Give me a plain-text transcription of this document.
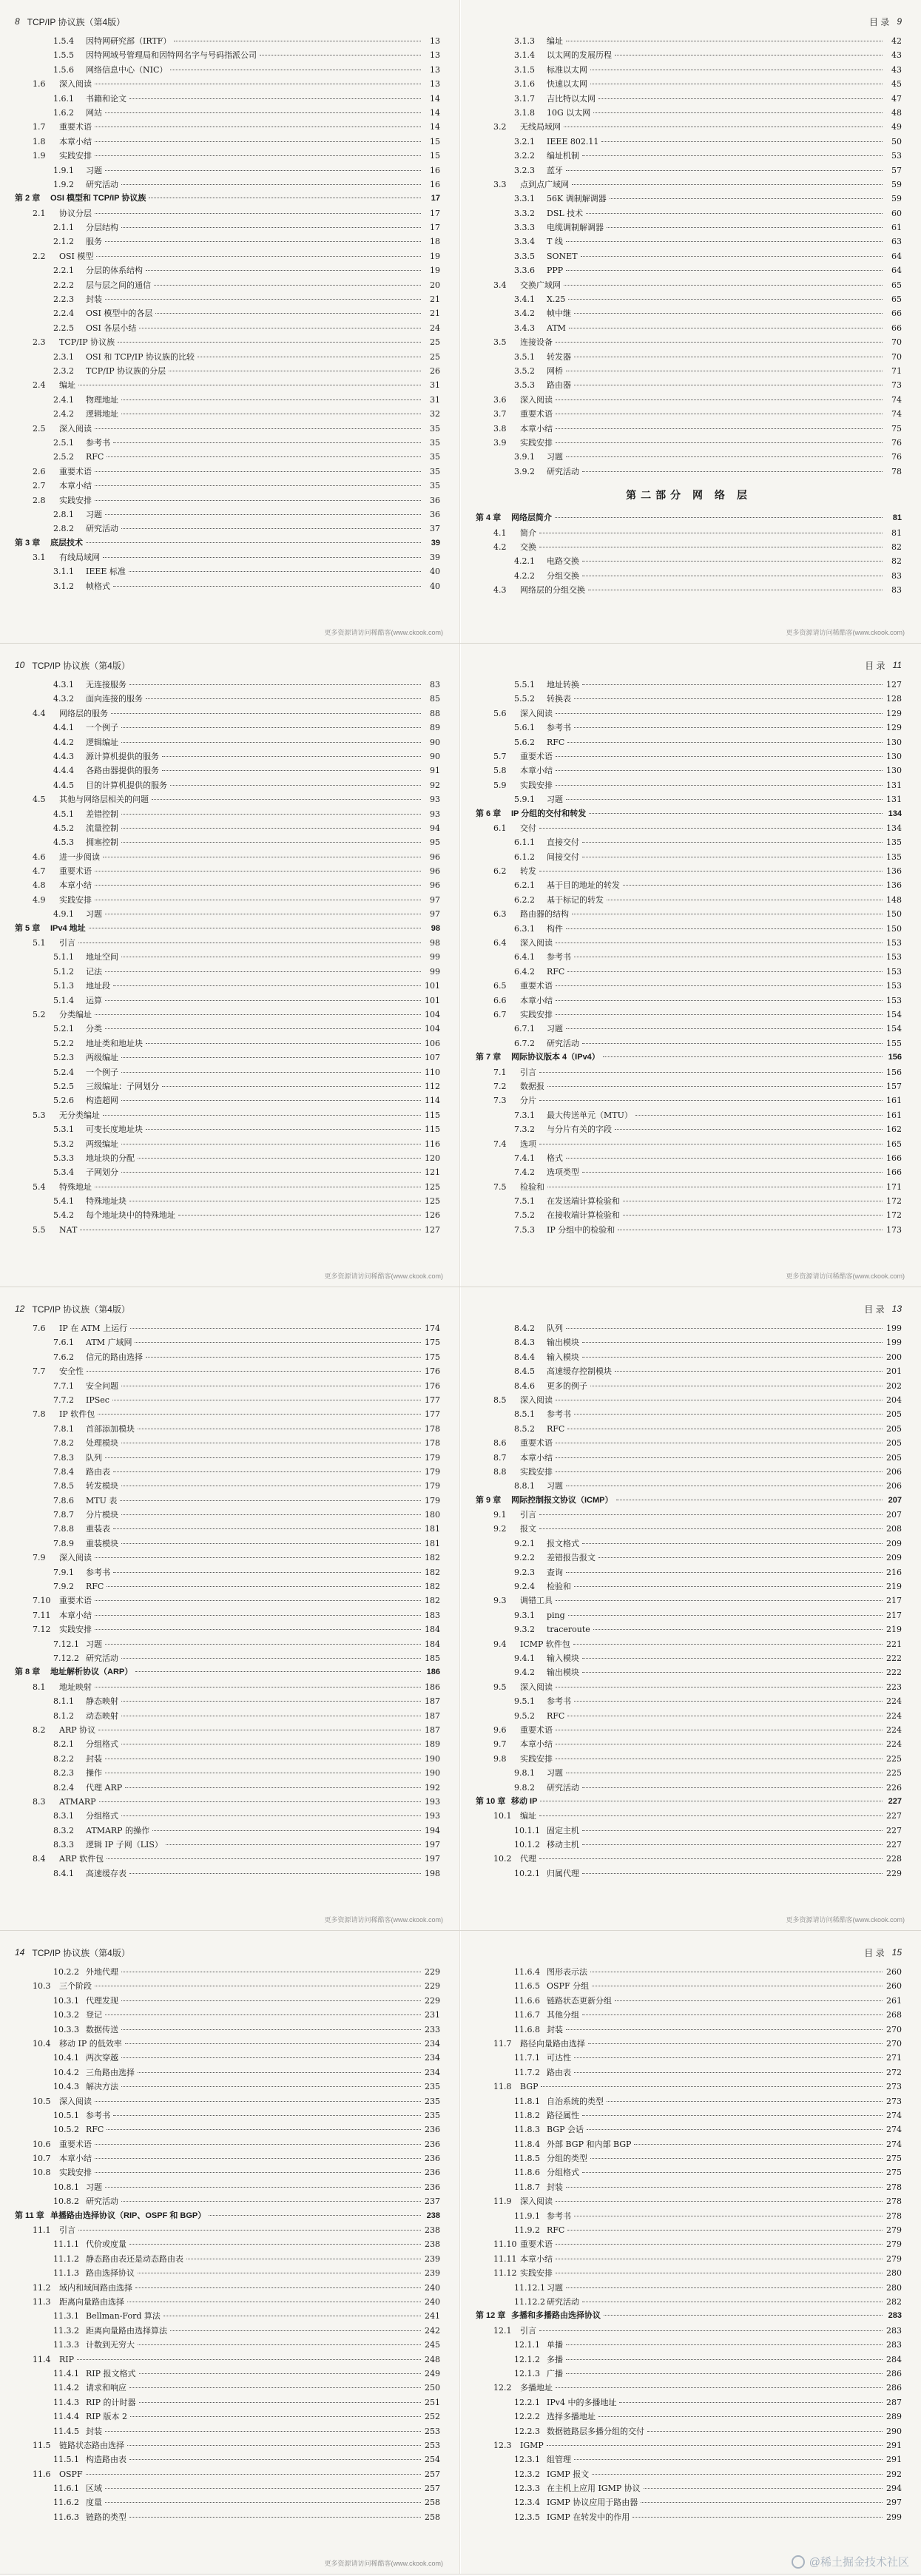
8 TCP/IP 协议族（第4版）
1.5.4	因特网研究部（IRTF）	13
1.5.5	因特网域号管理局和因特网名字与号码指派公司	13
1.5.6	网络信息中心（NIC）	13
1.6	深入阅读	13
1.6.1	书籍和论文	14
1.6.2	网站	14
1.7	重要术语	14
1.8	本章小结	15
1.9	实践安排	15
1.9.1	习题	16
1.9.2	研究活动	16
第 2 章	OSI 模型和 TCP/IP 协议族	17
2.1	协议分层	17
2.1.1	分层结构	17
2.1.2	服务	18
2.2	OSI 模型	19
2.2.1	分层的体系结构	19
2.2.2	层与层之间的通信	20
2.2.3	封装	21
2.2.4	OSI 模型中的各层	21
2.2.5	OSI 各层小结	24
2.3	TCP/IP 协议族	25
2.3.1	OSI 和 TCP/IP 协议族的比较	25
2.3.2	TCP/IP 协议族的分层	26
2.4	编址	31
2.4.1	物理地址	31
2.4.2	逻辑地址	32
2.5	深入阅读	35
2.5.1	参考书	35
2.5.2	RFC	35
2.6	重要术语	35
2.7	本章小结	35
2.8	实践安排	36
2.8.1	习题	36
2.8.2	研究活动	37
第 3 章	底层技术	39
3.1	有线局域网	39
3.1.1	IEEE 标准	40
3.1.2	帧格式	40
更多资源请访问稀酷客(www.ckook.com)
目 录 9
3.1.3	编址	42
3.1.4	以太网的发展历程	43
3.1.5	标准以太网	43
3.1.6	快速以太网	45
3.1.7	吉比特以太网	47
3.1.8	10G 以太网	48
3.2	无线局域网	49
3.2.1	IEEE 802.11	50
3.2.2	编址机制	53
3.2.3	蓝牙	57
3.3	点到点广域网	59
3.3.1	56K 调制解调器	59
3.3.2	DSL 技术	60
3.3.3	电缆调制解调器	61
3.3.4	T 线	63
3.3.5	SONET	64
3.3.6	PPP	64
3.4	交换广域网	65
3.4.1	X.25	65
3.4.2	帧中继	66
3.4.3	ATM	66
3.5	连接设备	70
3.5.1	转发器	70
3.5.2	网桥	71
3.5.3	路由器	73
3.6	深入阅读	74
3.7	重要术语	74
3.8	本章小结	75
3.9	实践安排	76
3.9.1	习题	76
3.9.2	研究活动	78
第二部分 网 络 层
第 4 章	网络层简介	81
4.1	简介	81
4.2	交换	82
4.2.1	电路交换	82
4.2.2	分组交换	83
4.3	网络层的分组交换	83
更多资源请访问稀酷客(www.ckook.com)
10 TCP/IP 协议族（第4版）
4.3.1	无连接服务	83
4.3.2	面向连接的服务	85
4.4	网络层的服务	88
4.4.1	一个例子	89
4.4.2	逻辑编址	90
4.4.3	源计算机提供的服务	90
4.4.4	各路由器提供的服务	91
4.4.5	目的计算机提供的服务	92
4.5	其他与网络层相关的问题	93
4.5.1	差错控制	93
4.5.2	流量控制	94
4.5.3	拥塞控制	95
4.6	进一步阅读	96
4.7	重要术语	96
4.8	本章小结	96
4.9	实践安排	97
4.9.1	习题	97
第 5 章	IPv4 地址	98
5.1	引言	98
5.1.1	地址空间	99
5.1.2	记法	99
5.1.3	地址段	101
5.1.4	运算	101
5.2	分类编址	104
5.2.1	分类	104
5.2.2	地址类和地址块	106
5.2.3	两级编址	107
5.2.4	一个例子	110
5.2.5	三级编址：子网划分	112
5.2.6	构造超网	114
5.3	无分类编址	115
5.3.1	可变长度地址块	115
5.3.2	两级编址	116
5.3.3	地址块的分配	120
5.3.4	子网划分	121
5.4	特殊地址	125
5.4.1	特殊地址块	125
5.4.2	每个地址块中的特殊地址	126
5.5	NAT	127
更多资源请访问稀酷客(www.ckook.com)
目 录 11
5.5.1	地址转换	127
5.5.2	转换表	128
5.6	深入阅读	129
5.6.1	参考书	129
5.6.2	RFC	130
5.7	重要术语	130
5.8	本章小结	130
5.9	实践安排	131
5.9.1	习题	131
第 6 章	IP 分组的交付和转发	134
6.1	交付	134
6.1.1	直接交付	135
6.1.2	间接交付	135
6.2	转发	136
6.2.1	基于目的地址的转发	136
6.2.2	基于标记的转发	148
6.3	路由器的结构	150
6.3.1	构件	150
6.4	深入阅读	153
6.4.1	参考书	153
6.4.2	RFC	153
6.5	重要术语	153
6.6	本章小结	153
6.7	实践安排	154
6.7.1	习题	154
6.7.2	研究活动	155
第 7 章	网际协议版本 4（IPv4）	156
7.1	引言	156
7.2	数据报	157
7.3	分片	161
7.3.1	最大传送单元（MTU）	161
7.3.2	与分片有关的字段	162
7.4	选项	165
7.4.1	格式	166
7.4.2	选项类型	166
7.5	检验和	171
7.5.1	在发送端计算检验和	172
7.5.2	在接收端计算检验和	172
7.5.3	IP 分组中的检验和	173
更多资源请访问稀酷客(www.ckook.com)
12 TCP/IP 协议族（第4版）
7.6	IP 在 ATM 上运行	174
7.6.1	ATM 广域网	175
7.6.2	信元的路由选择	175
7.7	安全性	176
7.7.1	安全问题	176
7.7.2	IPSec	177
7.8	IP 软件包	177
7.8.1	首部添加模块	178
7.8.2	处理模块	178
7.8.3	队列	179
7.8.4	路由表	179
7.8.5	转发模块	179
7.8.6	MTU 表	179
7.8.7	分片模块	180
7.8.8	重装表	181
7.8.9	重装模块	181
7.9	深入阅读	182
7.9.1	参考书	182
7.9.2	RFC	182
7.10	重要术语	182
7.11	本章小结	183
7.12	实践安排	184
7.12.1 习题	184
7.12.2 研究活动	185
第 8 章	地址解析协议（ARP）	186
8.1	地址映射	186
8.1.1	静态映射	187
8.1.2	动态映射	187
8.2	ARP 协议	187
8.2.1	分组格式	189
8.2.2	封装	190
8.2.3	操作	190
8.2.4	代理 ARP	192
8.3	ATMARP	193
8.3.1	分组格式	193
8.3.2	ATMARP 的操作	194
8.3.3	逻辑 IP 子网（LIS）	197
8.4	ARP 软件包	197
8.4.1	高速缓存表	198
更多资源请访问稀酷客(www.ckook.com)
目 录 13
8.4.2	队列	199
8.4.3	输出模块	199
8.4.4	输入模块	200
8.4.5	高速缓存控制模块	201
8.4.6	更多的例子	202
8.5	深入阅读	204
8.5.1	参考书	205
8.5.2	RFC	205
8.6	重要术语	205
8.7	本章小结	205
8.8	实践安排	206
8.8.1	习题	206
第 9 章	网际控制报文协议（ICMP）	207
9.1	引言	207
9.2	报文	208
9.2.1	报文格式	209
9.2.2	差错报告报文	209
9.2.3	查询	216
9.2.4	检验和	219
9.3	调错工具	217
9.3.1	ping	217
9.3.2	traceroute	219
9.4	ICMP 软件包	221
9.4.1	输入模块	222
9.4.2	输出模块	222
9.5	深入阅读	223
9.5.1	参考书	224
9.5.2	RFC	224
9.6	重要术语	224
9.7	本章小结	224
9.8	实践安排	225
9.8.1	习题	225
9.8.2	研究活动	226
第 10 章 移动 IP	227
10.1	编址	227
10.1.1 固定主机	227
10.1.2 移动主机	227
10.2	代理	228
10.2.1 归属代理	229
更多资源请访问稀酷客(www.ckook.com)
14 TCP/IP 协议族（第4版）
10.2.2 外地代理	229
10.3	三个阶段	229
10.3.1 代理发现	229
10.3.2 登记	231
10.3.3 数据传送	233
10.4	移动 IP 的低效率	234
10.4.1 两次穿越	234
10.4.2 三角路由选择	234
10.4.3 解决方法	235
10.5	深入阅读	235
10.5.1 参考书	235
10.5.2 RFC	236
10.6	重要术语	236
10.7	本章小结	236
10.8	实践安排	236
10.8.1 习题	236
10.8.2 研究活动	237
第 11 章 单播路由选择协议（RIP、OSPF 和 BGP）	238
11.1	引言	238
11.1.1 代价或度量	238
11.1.2 静态路由表还是动态路由表	239
11.1.3 路由选择协议	239
11.2	域内和域间路由选择	240
11.3	距离向量路由选择	240
11.3.1 Bellman-Ford 算法	241
11.3.2 距离向量路由选择算法	242
11.3.3 计数到无穷大	245
11.4	RIP	248
11.4.1 RIP 报文格式	249
11.4.2 请求和响应	250
11.4.3 RIP 的计时器	251
11.4.4 RIP 版本 2	252
11.4.5 封装	253
11.5	链路状态路由选择	253
11.5.1 构造路由表	254
11.6	OSPF	257
11.6.1 区域	257
11.6.2 度量	258
11.6.3 链路的类型	258
更多资源请访问稀酷客(www.ckook.com)
目 录 15
11.6.4 图形表示法	260
11.6.5 OSPF 分组	260
11.6.6 链路状态更新分组	261
11.6.7 其他分组	268
11.6.8 封装	270
11.7	路径向量路由选择	270
11.7.1 可达性	271
11.7.2 路由表	272
11.8	BGP	273
11.8.1 自治系统的类型	273
11.8.2 路径属性	274
11.8.3 BGP 会话	274
11.8.4 外部 BGP 和内部 BGP	274
11.8.5 分组的类型	275
11.8.6 分组格式	275
11.8.7 封装	278
11.9	深入阅读	278
11.9.1 参考书	278
11.9.2 RFC	279
11.10 重要术语	279
11.11 本章小结	279
11.12 实践安排	280
11.12.1 习题	280
11.12.2 研究活动	282
第 12 章 多播和多播路由选择协议	283
12.1	引言	283
12.1.1 单播	283
12.1.2 多播	284
12.1.3 广播	286
12.2	多播地址	286
12.2.1 IPv4 中的多播地址	287
12.2.2 选择多播地址	289
12.2.3 数据链路层多播分组的交付	290
12.3	IGMP	291
12.3.1 组管理	291
12.3.2 IGMP 报文	292
12.3.3 在主机上应用 IGMP 协议	294
12.3.4 IGMP 协议应用于路由器	297
12.3.5 IGMP 在转发中的作用	299
@稀土掘金技术社区
